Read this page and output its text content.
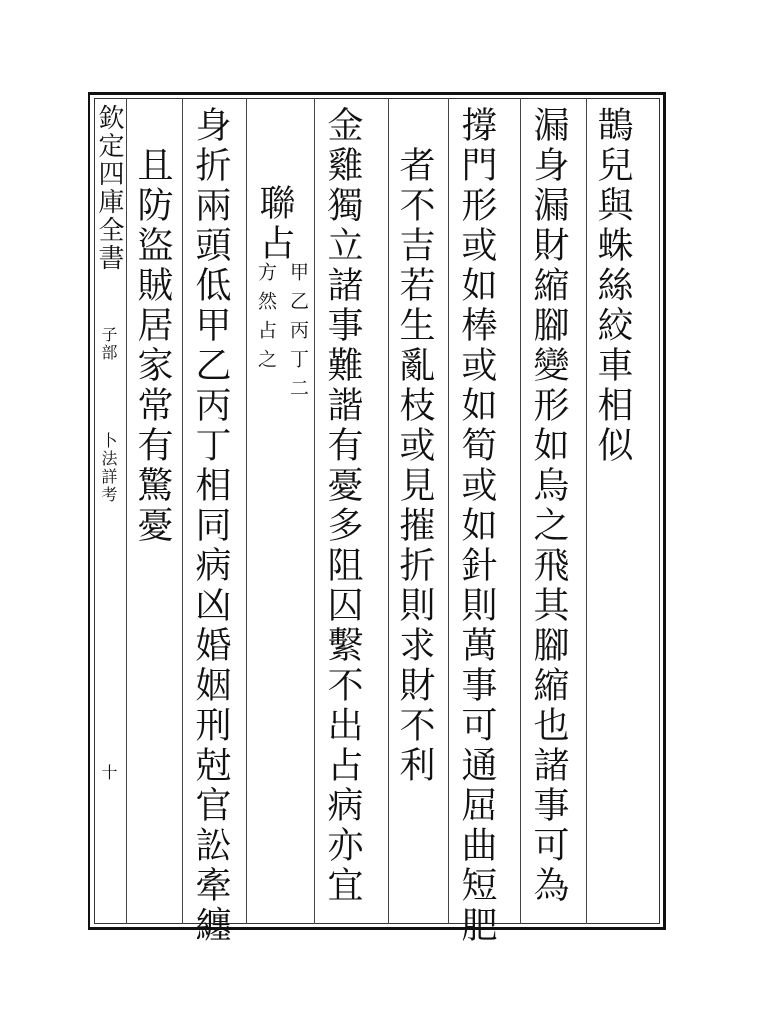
欽定四庫全書
子部
卜法詳考
十
鵲兒與蛛絲絞車相似
漏身漏財縮腳變形如烏之飛其腳縮也諸事可為
撐門形或如棒或如筍或如針則萬事可通屈曲短肥
者不吉若生亂枝或見摧折則求財不利
金雞獨立諸事難諧有憂多阻囚繫不出占病亦宜
聯占
甲乙丙丁二
方然占之
身折兩頭低甲乙丙丁相同病凶婚姻刑尅官訟牽纏
且防盜賊居家常有驚憂
